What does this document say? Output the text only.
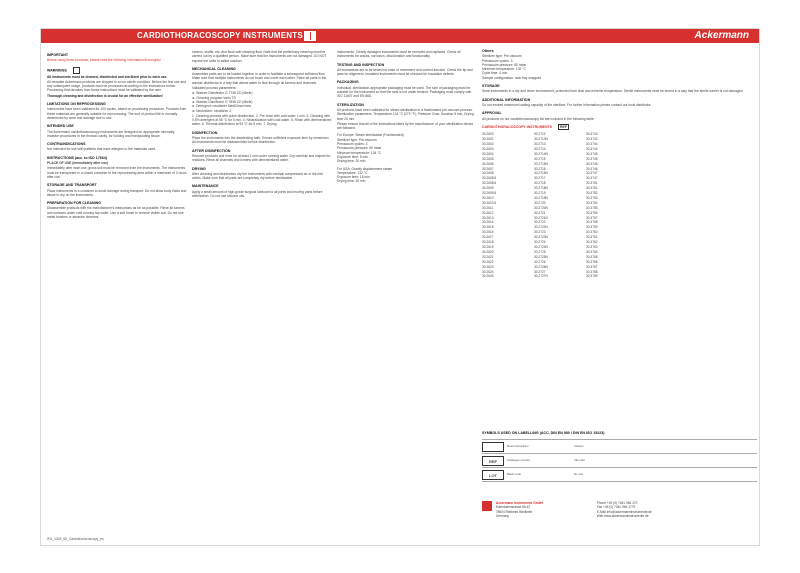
CARDIOTHORACOSCOPY INSTRUMENTS	Ackermann
IMPORTANT
Before using these products, please read the following information thoroughly!
WARNINGS
All instruments must be cleaned, disinfected and sterilized prior to each use.
All reusable Ackermann products are shipped in a non-sterile condition. Before the first use and any subsequent usage, products must be processed according to the instructions below. Processing that deviates from these instructions must be validated by the user.
Thorough cleaning and disinfection is crucial for an effective sterilization!
LIMITATIONS ON REPROCESSING
Instruments have been validated for 100 cycles, based on processing procedure. Products from these materials are generally suitable for reprocessing. The end of product life is normally determined by wear and damage due to use.
INTENDED USE
The Ackermann cardiothoracoscopy instruments are designed for appropriate minimally invasive procedures in the thoracic cavity, for holding and manipulating tissue.
CONTRAINDICATIONS
Not intended for use with patients that have allergies to the materials used.
INSTRUCTIONS (acc. to ISO 17664)
PLACE OF USE (immediately after use)
Immediately after each use, gross soil must be removed from the instruments. The instruments must be transported in a closed container to the reprocessing area within a maximum of 2 hours after use.
STORAGE AND TRANSPORT
Place instruments in a container to avoid damage during transport. Do not allow body fluids and tissue to dry on the instruments.
PREPARATION FOR CLEANING
Disassemble products with the manufacturer's instructions as far as possible. Rinse all lumens and surfaces under cold running tap water. Use a soft brush to remove visible soil. Do not use metal brushes or abrasive cleaners.
lumens, shafts, etc. and flush with cleaning fluid. Note that the preliminary cleaning must be carried out by a qualified person. Make sure that the instruments are not damaged. DO NOT expose the units to saline solution.
MECHANICAL CLEANING
Assembled parts are to be loaded together in order to facilitate a subsequent sufficient flow. Make sure that multiple instruments do not touch and cover each other. Place all parts in the washer-disinfector in a way that allows water to flow through all lumens and channels.
Validated process parameters:
► Washer-Disinfector G 7736 CD (Miele)
► Cleaning program Vario TD
► Washer-Disinfector G 7836 CD (Miele)
► Detergent: neodisher MediClean forte
► Neutralizer: neodisher Z
1. Cleaning process with pulse disinfection. 2. Pre-rinse with cold water 1 min. 3. Cleaning with 0.5% detergent at 55 °C for 5 min. 4. Neutralization with cold water. 5. Rinse with demineralized water. 6. Thermal disinfection at 93 °C for 5 min. 7. Drying.
DISINFECTION
Place the instruments into the disinfecting bath. Ensure sufficient exposure time by immersion. All instruments must be disassembled before disinfection.
AFTER DISINFECTION
Remove products and rinse for at least 1 min under running water. Dry carefully and inspect for residues. Rinse all channels and lumens with demineralized water.
DRYING
After cleaning and disinfection dry the instruments with medical compressed air or lint-free cloths. Make sure that all parts are completely dry before sterilization.
MAINTENANCE
Apply a small amount of high-grade surgical lubricant to all joints and moving parts before sterilization. Do not use silicone oils.
instruments. Clearly damaged instruments must be removed and replaced. Check all instruments for cracks, corrosion, discoloration and functionality.
TESTING AND INSPECTION
All instruments are to be tested for ease of movement and correct function. Check the tip and jaws for alignment. Insulated instruments must be checked for insulation defects.
PACKAGING
Individual, sterilization-appropriate packaging must be used. The size of packaging must be suitable for the instrument so that the seal is not under tension. Packaging must comply with ISO 11607 and EN 868.
STERILIZATION
All products have been validated for steam sterilization in a fractionated pre-vacuum process. Sterilization parameters: Temperature 134 °C (273 °F), Pressure 3 bar, Duration 5 min, Drying time 20 min.
Please ensure that all of the instructions listed by the manufacturer of your sterilization device are followed.
For Europe: Steam sterilization (Fractionated)
Sterilizer type: Pre-vacuum
Prevacuum cycles: 3
Prevacuum pressure: 60 mbar
Minimum temperature: 134 °C
Exposure time: 5 min
Drying time: 20 min
For USA: Gravity displacement steam
Temperature: 132 °C
Exposure time: 15 min
Drying time: 30 min
Others
Sterilizer type: Pre-vacuum
Prevacuum cycles: 3
Prevacuum pressure: 60 mbar
Minimum temperature: 132 °C
Cycle time: 4 min
Sample configuration: rack tray wrapped
STORAGE
Store instruments in a dry and clean environment, protected from dust and extreme temperature. Sterile instruments must be stored in a way that the sterile barrier is not damaged.
ADDITIONAL INFORMATION
Do not exceed maximum loading capacity of the sterilizer. For further information please contact our local distributor.
APPROVAL
All products on our cardiothoracoscopy list are included in the following table:
CARDIOTHORACOSCOPY INSTRUMENTS	REF
30.2600	30.2712	30.3743
30.2601	30.2713N	30.3743
30.2602	30.2713	30.3744
30.2603	30.2714	30.3744
30.2604	30.2714N	30.3745
30.2605	30.2715	30.3745
30.2606	30.2715N	30.3746
30.2607	30.2716	30.3746
30.2608	30.2716N	30.3747
30.2608.5	30.2717	30.3747
30.2608.6	30.2718	30.3751
30.2609	30.2718N	30.3751
30.2609.5	30.2719	30.3752
30.2610	30.2719N	30.3753
30.2610.5	30.2720	30.3754
30.2611	30.2720N	30.3755
30.2612	30.2721	30.3756
30.2613	30.2721N	30.3757
30.2614	30.2722	30.3758
30.2615	30.2722N	30.3759
30.2616	30.2723	30.3760
30.2617	30.2723N	30.3761
30.2618	30.2724	30.3762
30.2619	30.2724N	30.3763
30.2620	30.2725	30.3764
30.2621	30.2725N	30.3765
30.2622	30.2726	30.3766
30.2623	30.2726N	30.3767
30.2624	30.2727	30.3768
30.2625	30.2727N	30.3769
SYMBOLS USED ON LABELLING (ACC. DIN EN 980 / DIN EN ISO 15223)
Read instructions	Caution
REF	Catalogue number	CE mark
LOT	Batch code	Rx only

Ackermann Instrumente GmbH
Eisenbahnstrasse 65-67
78604 Rietheim-Weilheim
Germany

Phone +49 (0) 7461 966 170
Fax +49 (0) 7461 966 1779
E-Mail info@ackermanninstrumente.de
Web www.ackermanninstrumente.de
IFU_1345_06_Cardiothoracoscopy_en
